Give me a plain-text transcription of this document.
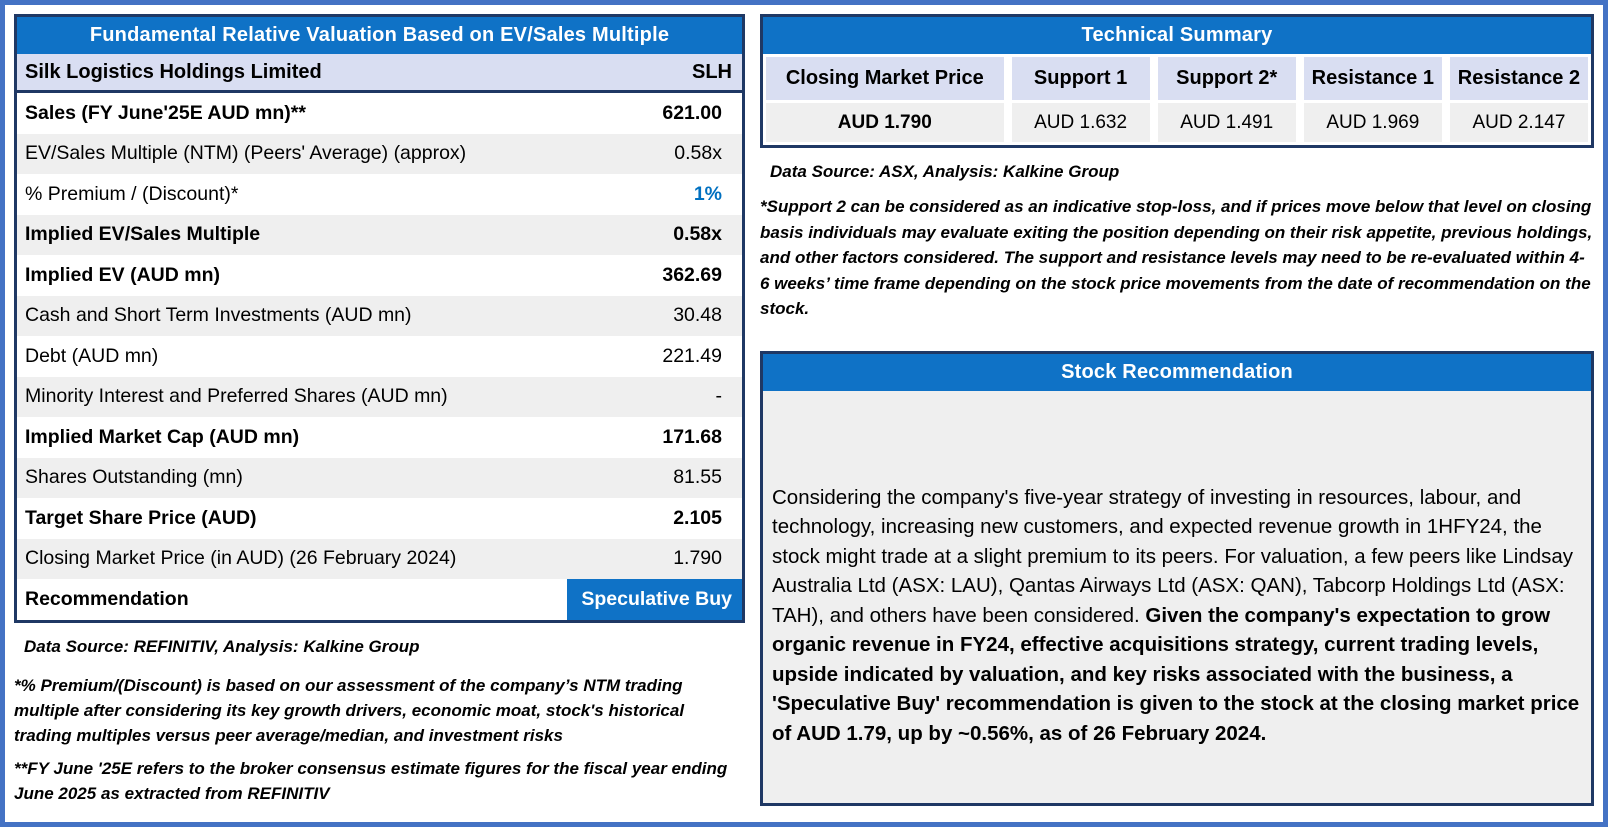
Fundamental Relative Valuation Based on EV/Sales Multiple
Silk Logistics Holdings Limited	SLH
Sales (FY June'25E AUD mn)**	621.00
EV/Sales Multiple (NTM) (Peers' Average) (approx)	0.58x
% Premium / (Discount)*	1%
Implied EV/Sales Multiple	0.58x
Implied EV (AUD mn)	362.69
Cash and Short Term Investments (AUD mn)	30.48
Debt (AUD mn)	221.49
Minority Interest and Preferred Shares (AUD mn)	-
Implied Market Cap (AUD mn)	171.68
Shares Outstanding (mn)	81.55
Target Share Price (AUD)	2.105
Closing Market Price (in AUD) (26 February 2024)	1.790
Recommendation	Speculative Buy
Data Source: REFINITIV, Analysis: Kalkine Group
*% Premium/(Discount) is based on our assessment of the company’s NTM trading multiple after considering its key growth drivers, economic moat, stock's historical trading multiples versus peer average/median, and investment risks
**FY June '25E refers to the broker consensus estimate figures for the fiscal year ending June 2025 as extracted from REFINITIV
Technical Summary
Closing Market Price	Support 1	Support 2*	Resistance 1	Resistance 2
AUD 1.790	AUD 1.632	AUD 1.491	AUD 1.969	AUD 2.147
Data Source: ASX, Analysis: Kalkine Group
*Support 2 can be considered as an indicative stop-loss, and if prices move below that level on closing basis individuals may evaluate exiting the position depending on their risk appetite, previous holdings, and other factors considered. The support and resistance levels may need to be re-evaluated within 4-6 weeks’ time frame depending on the stock price movements from the date of recommendation on the stock.
Stock Recommendation
Considering the company's five-year strategy of investing in resources, labour, and technology, increasing new customers, and expected revenue growth in 1HFY24, the stock might trade at a slight premium to its peers. For valuation, a few peers like Lindsay Australia Ltd (ASX: LAU), Qantas Airways Ltd (ASX: QAN), Tabcorp Holdings Ltd (ASX: TAH), and others have been considered. Given the company's expectation to grow organic revenue in FY24, effective acquisitions strategy, current trading levels, upside indicated by valuation, and key risks associated with the business, a 'Speculative Buy' recommendation is given to the stock at the closing market price of AUD 1.79, up by ~0.56%, as of 26 February 2024.
